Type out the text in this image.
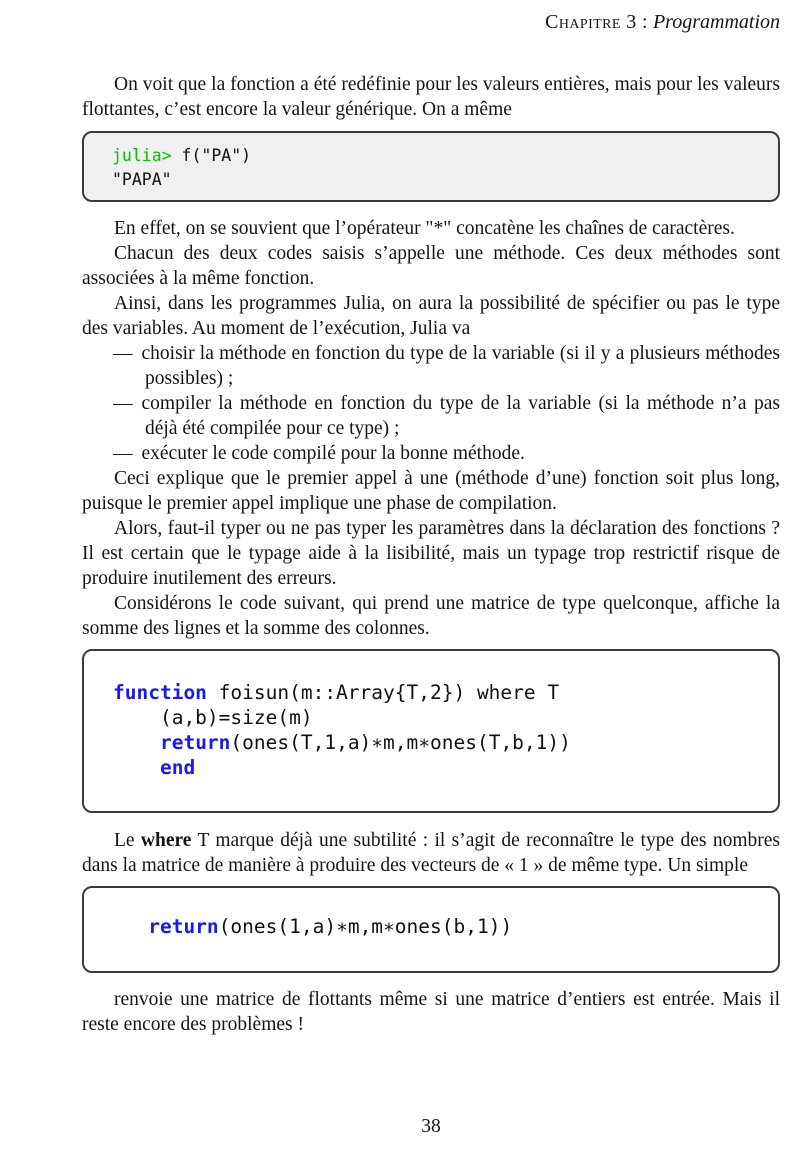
Chapitre 3 : Programmation

On voit que la fonction a été redéfinie pour les valeurs entières, mais pour les valeurs flottantes, c’est encore la valeur générique. On a même

julia> f("PA")
"PAPA"

En effet, on se souvient que l’opérateur "*" concatène les chaînes de caractères.

Chacun des deux codes saisis s’appelle une méthode. Ces deux méthodes sont associées à la même fonction.

Ainsi, dans les programmes Julia, on aura la possibilité de spécifier ou pas le type des variables. Au moment de l’exécution, Julia va

— choisir la méthode en fonction du type de la variable (si il y a plusieurs méthodes possibles) ;
— compiler la méthode en fonction du type de la variable (si la méthode n’a pas déjà été compilée pour ce type) ;
— exécuter le code compilé pour la bonne méthode.

Ceci explique que le premier appel à une (méthode d’une) fonction soit plus long, puisque le premier appel implique une phase de compilation.

Alors, faut-il typer ou ne pas typer les paramètres dans la déclaration des fonctions ? Il est certain que le typage aide à la lisibilité, mais un typage trop restrictif risque de produire inutilement des erreurs.

Considérons le code suivant, qui prend une matrice de type quelconque, affiche la somme des lignes et la somme des colonnes.

function foisun(m::Array{T,2}) where T
(a,b)=size(m)
return(ones(T,1,a)∗m,m∗ones(T,b,1))
end

Le where T marque déjà une subtilité : il s’agit de reconnaître le type des nombres dans la matrice de manière à produire des vecteurs de « 1 » de même type. Un simple

return(ones(1,a)∗m,m∗ones(b,1))

renvoie une matrice de flottants même si une matrice d’entiers est entrée. Mais il reste encore des problèmes !

38
